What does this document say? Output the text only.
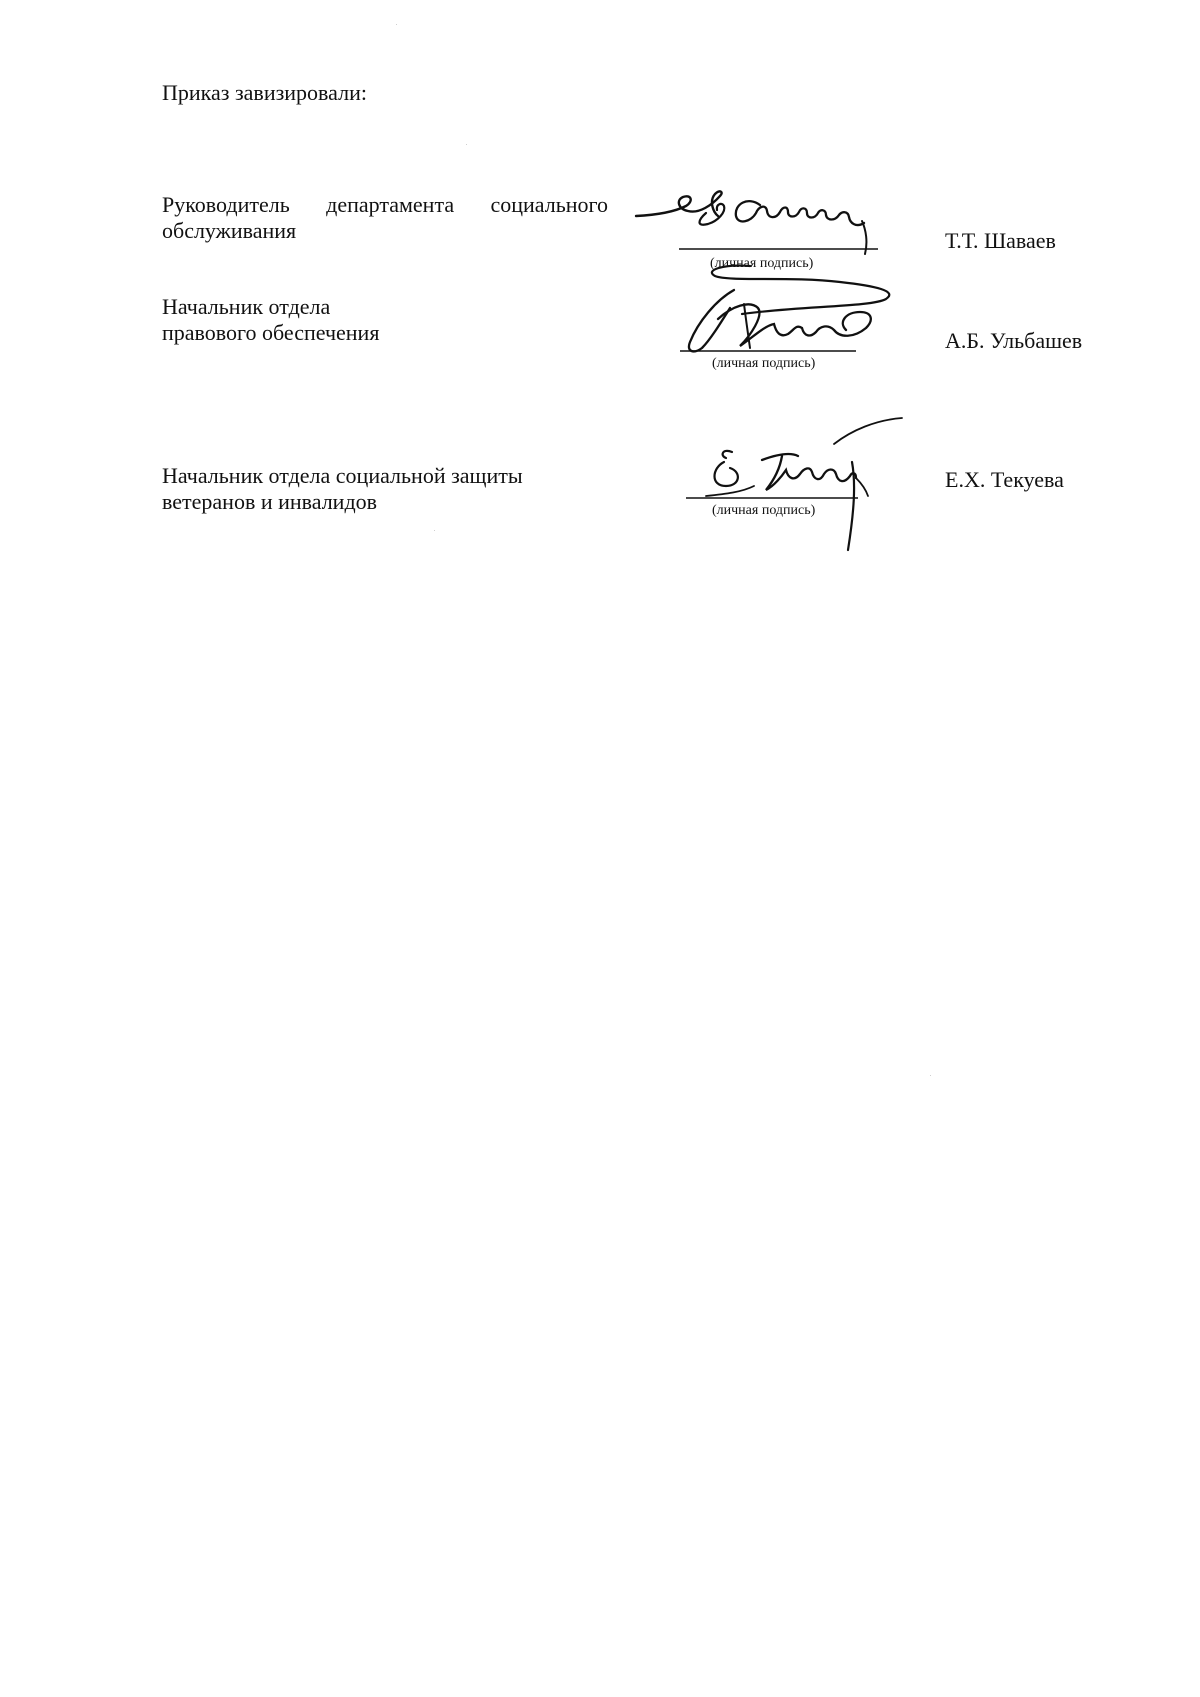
Приказ завизировали:
Руководитель департамента социального
обслуживания
(личная подпись)
Т.Т. Шаваев
Начальник отдела
правового обеспечения
(личная подпись)
А.Б. Ульбашев
Начальник отдела социальной защиты
ветеранов и инвалидов	(личная подпись)
Е.Х. Текуева
